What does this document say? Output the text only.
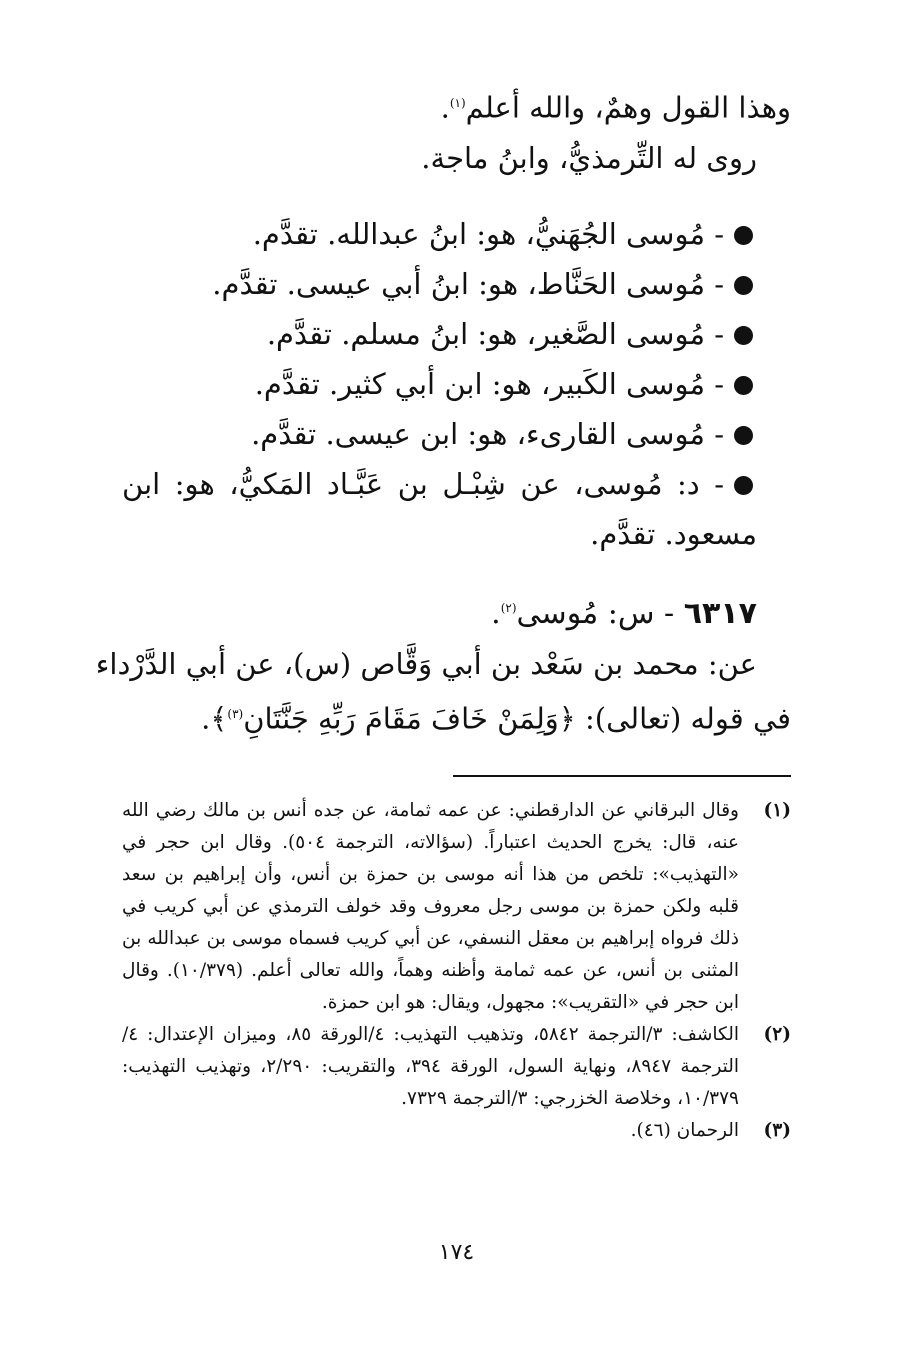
وهذا القول وهمٌ، والله أعلم$^{(١)}$.
روى له التِّرمذيُّ، وابنُ ماجة.
- مُوسى الجُهَنيُّ، هو: ابنُ عبدالله. تقدَّم.
- مُوسى الحَنَّاط، هو: ابنُ أبي عيسى. تقدَّم.
- مُوسى الصَّغير، هو: ابنُ مسلم. تقدَّم.
- مُوسى الكَبير، هو: ابن أبي كثير. تقدَّم.
- مُوسى القارىء، هو: ابن عيسى. تقدَّم.
- د: مُوسى، عن شِبْـل بن عَبَّـاد المَكيُّ، هو: ابن مسعود. تقدَّم.
٦٣١٧ - س: مُوسى$^{(٢)}$.
عن: محمد بن سَعْد بن أبي وَقَّاص (س)، عن أبي الدَّرْداء
في قوله (تعالى): ﴿وَلِمَنْ خَافَ مَقَامَ رَبِّهِ جَنَّتَانِ$^{(٣)}$﴾.
(١)
وقال البرقاني عن الدارقطني: عن عمه ثمامة، عن جده أنس بن مالك رضي الله عنه، قال: يخرج الحديث اعتباراً. (سؤالاته، الترجمة ٥٠٤). وقال ابن حجر في «التهذيب»: تلخص من هذا أنه موسى بن حمزة بن أنس، وأن إبراهيم بن سعد قلبه ولكن حمزة بن موسى رجل معروف وقد خولف الترمذي عن أبي كريب في ذلك فرواه إبراهيم بن معقل النسفي، عن أبي كريب فسماه موسى بن عبدالله بن المثنى بن أنس، عن عمه ثمامة وأظنه وهماً، والله تعالى أعلم. (١٠/٣٧٩). وقال ابن حجر في «التقريب»: مجهول، ويقال: هو ابن حمزة.
(٢)
الكاشف: ٣/الترجمة ٥٨٤٢، وتذهيب التهذيب: ٤/الورقة ٨٥، وميزان الإعتدال: ٤/الترجمة ٨٩٤٧، ونهاية السول، الورقة ٣٩٤، والتقريب: ٢/٢٩٠، وتهذيب التهذيب: ١٠/٣٧٩، وخلاصة الخزرجي: ٣/الترجمة ٧٣٢٩.
(٣)
الرحمان (٤٦).
١٧٤
